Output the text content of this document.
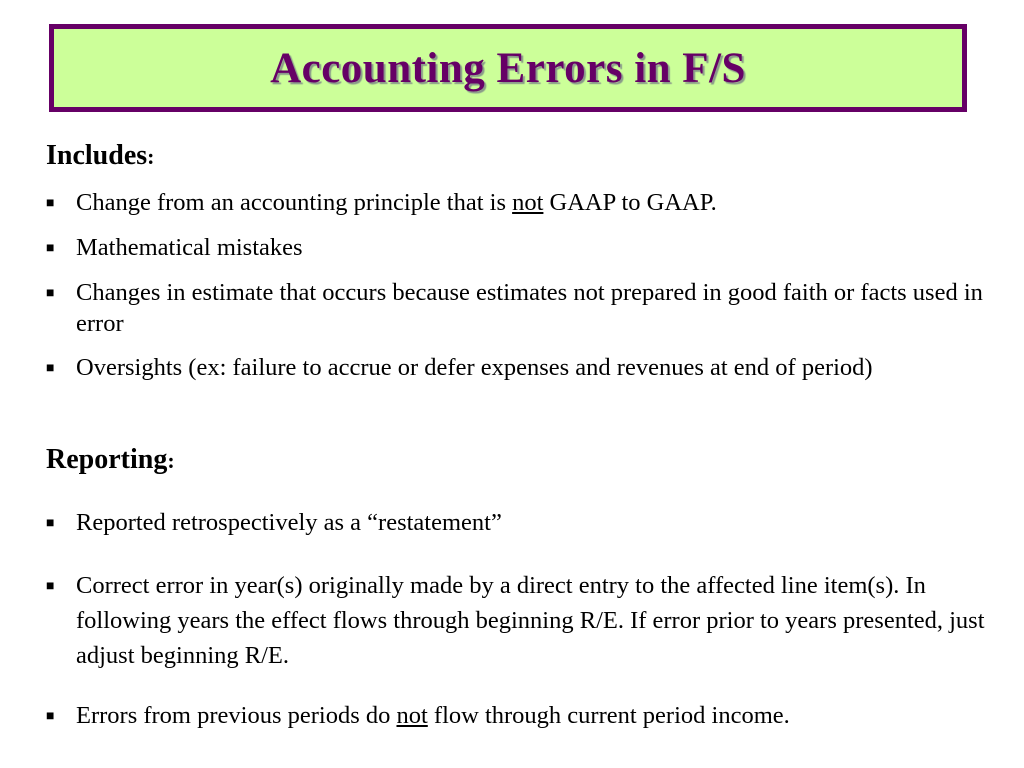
Accounting Errors in F/S
Includes:
■ Change from an accounting principle that is not GAAP to GAAP.
■ Mathematical mistakes
■ Changes in estimate that occurs because estimates not prepared in good faith or facts used in error
■ Oversights (ex: failure to accrue or defer expenses and revenues at end of period)
Reporting:
■ Reported retrospectively as a “restatement”
■ Correct error in year(s) originally made by a direct entry to the affected line item(s). In following years the effect flows through beginning R/E. If error prior to years presented, just adjust beginning R/E.
■ Errors from previous periods do not flow through current period income.
